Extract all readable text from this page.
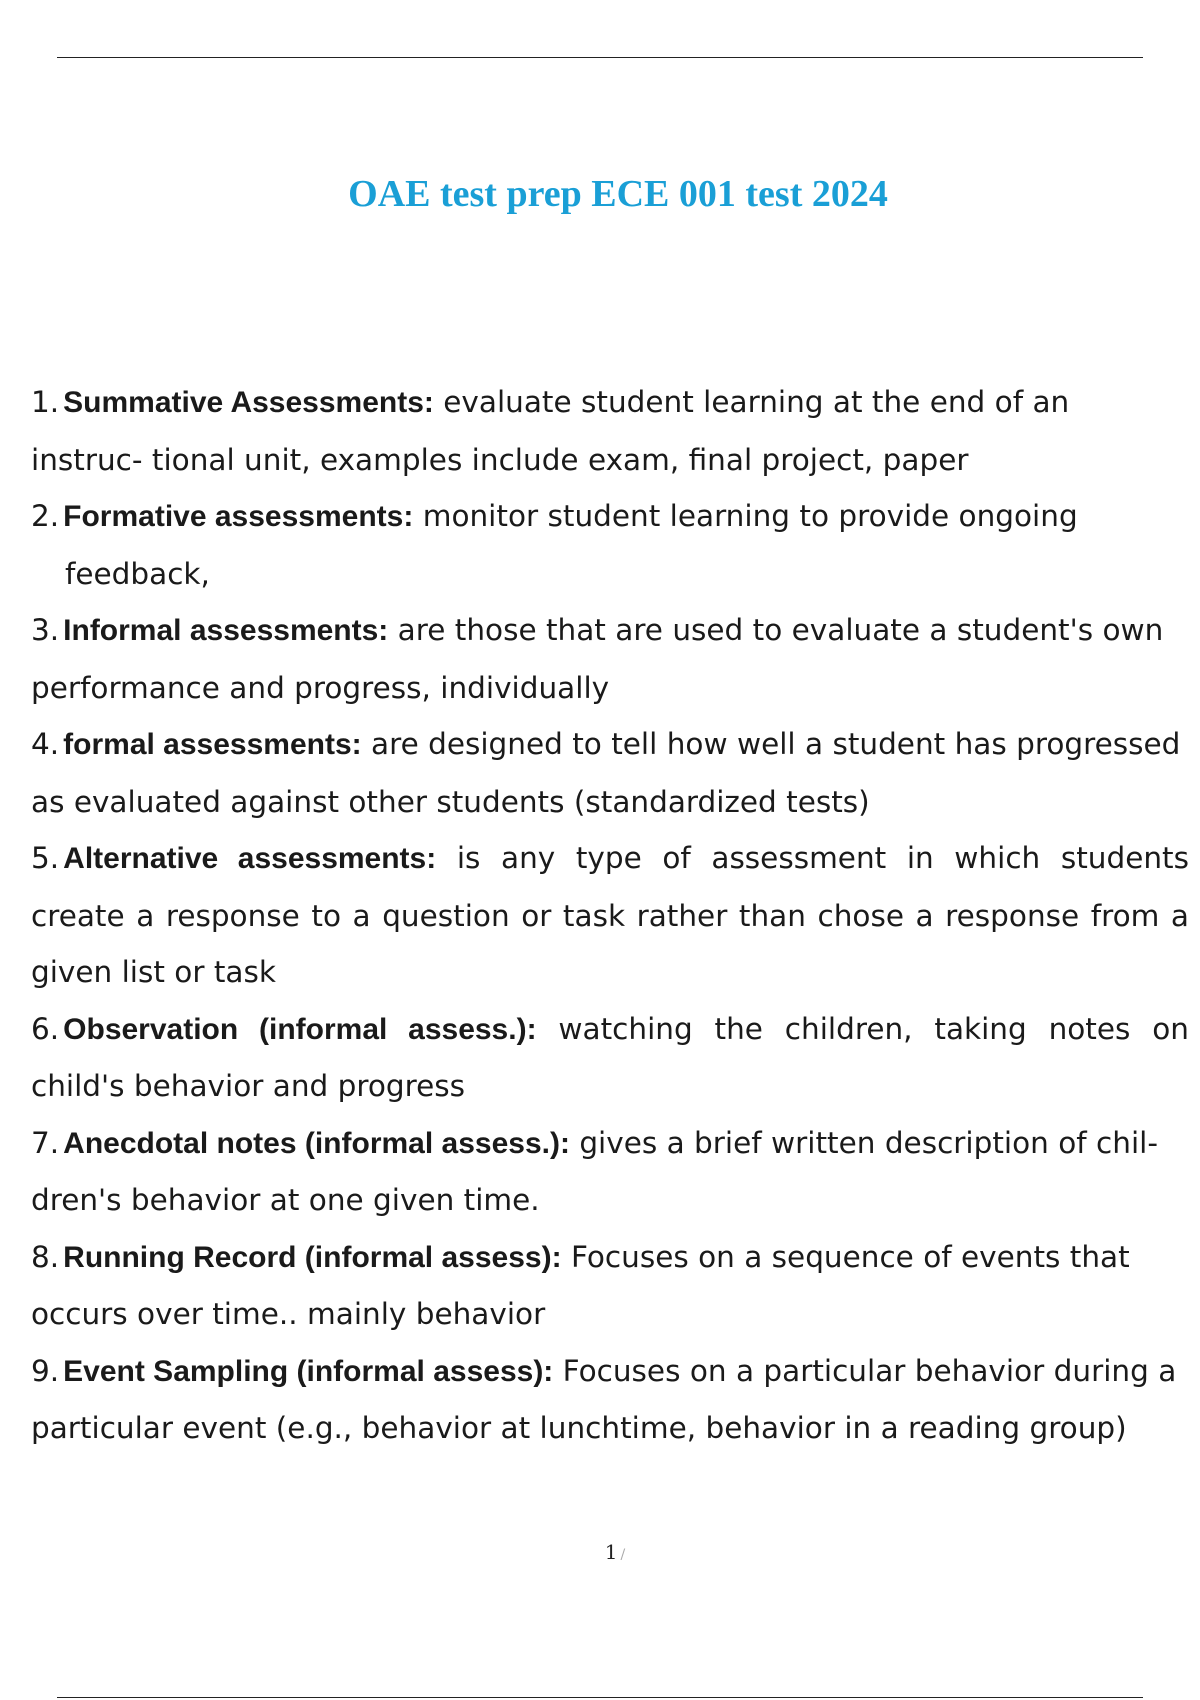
OAE test prep ECE 001 test 2024
1. Summative Assessments: evaluate student learning at the end of an instruc- tional unit, examples include exam, final project, paper
2. Formative assessments: monitor student learning to provide ongoing
feedback,
3. Informal assessments: are those that are used to evaluate a student's own performance and progress, individually
4. formal assessments: are designed to tell how well a student has progressed as evaluated against other students (standardized tests)
5. Alternative assessments: is any type of assessment in which students create a response to a question or task rather than chose a response from a given list or task
6. Observation (informal assess.): watching the children, taking notes on child's behavior and progress
7. Anecdotal notes (informal assess.): gives a brief written description of chil- dren's behavior at one given time.
8. Running Record (informal assess): Focuses on a sequence of events that occurs over time.. mainly behavior
9. Event Sampling (informal assess): Focuses on a particular behavior during a particular event (e.g., behavior at lunchtime, behavior in a reading group)
1 /
